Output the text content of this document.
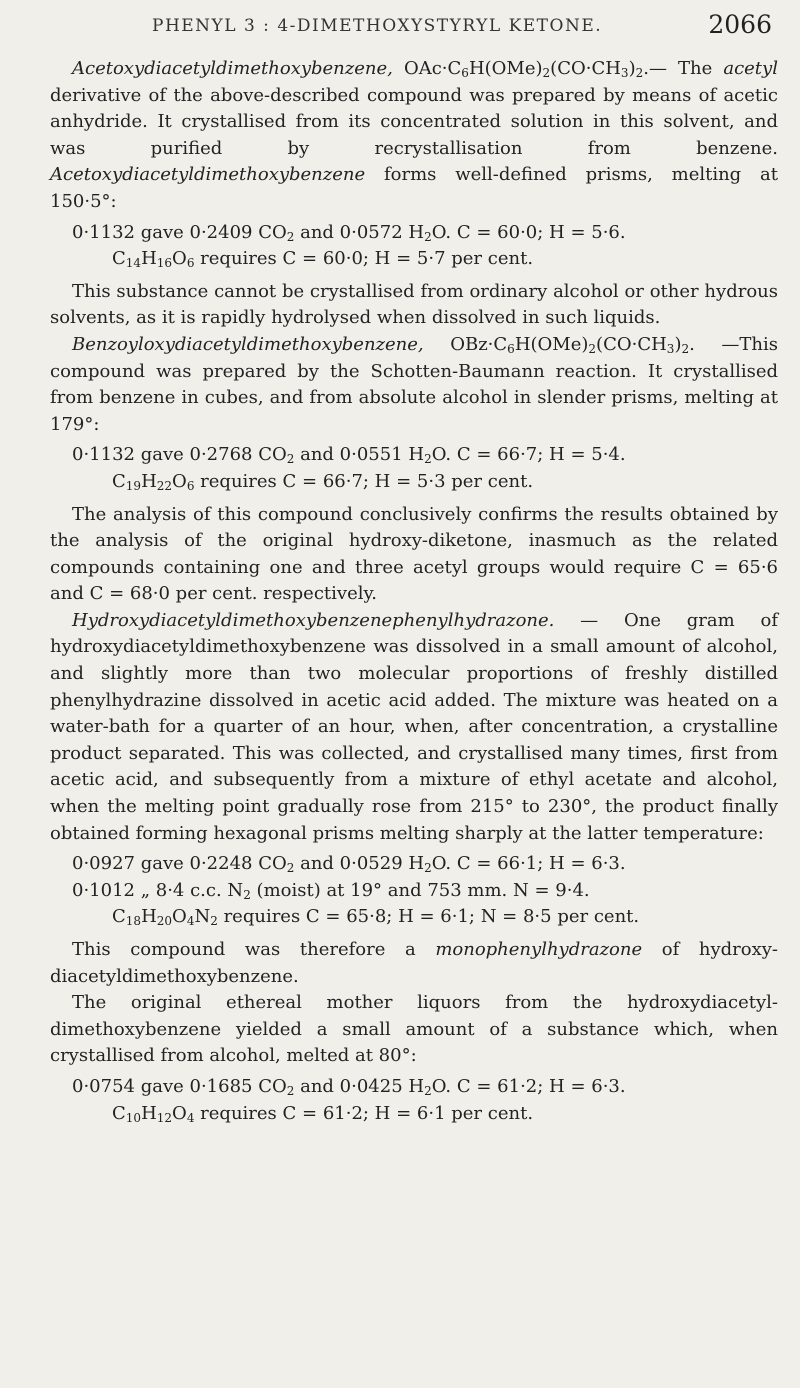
PHENYL 3 : 4-DIMETHOXYSTYRYL KETONE.	2066

Acetoxydiacetyldimethoxybenzene, $OAc\cdot C_6H(OMe)_2(CO\cdot CH_3)_2.—$ The acetyl derivative of the above-described compound was prepared by means of acetic anhydride. It crystallised from its concentrated solution in this solvent, and was purified by recrystallisation from benzene. Acetoxydiacetyldimethoxybenzene forms well-defined prisms, melting at 150·5°:

0·1132 gave 0·2409 $CO_2$ and 0·0572 $H_2O$. C = 60·0; H = 5·6.
$C_{14}H_{16}O_6$ requires C = 60·0; H = 5·7 per cent.

This substance cannot be crystallised from ordinary alcohol or other hydrous solvents, as it is rapidly hydrolysed when dissolved in such liquids.

Benzoyloxydiacetyldimethoxybenzene, $OBz\cdot C_6H(OMe)_2(CO\cdot CH_3)_2$. —This compound was prepared by the Schotten-Baumann reaction. It crystallised from benzene in cubes, and from absolute alcohol in slender prisms, melting at 179°:

0·1132 gave 0·2768 $CO_2$ and 0·0551 $H_2O$. C = 66·7; H = 5·4.
$C_{19}H_{22}O_6$ requires C = 66·7; H = 5·3 per cent.

The analysis of this compound conclusively confirms the results obtained by the analysis of the original hydroxy-diketone, inasmuch as the related compounds containing one and three acetyl groups would require C = 65·6 and C = 68·0 per cent. respectively.

Hydroxydiacetyldimethoxybenzenephenylhydrazone. — One gram of hydroxydiacetyldimethoxybenzene was dissolved in a small amount of alcohol, and slightly more than two molecular proportions of freshly distilled phenylhydrazine dissolved in acetic acid added. The mixture was heated on a water-bath for a quarter of an hour, when, after concentration, a crystalline product separated. This was collected, and crystallised many times, first from acetic acid, and subsequently from a mixture of ethyl acetate and alcohol, when the melting point gradually rose from 215° to 230°, the product finally obtained forming hexagonal prisms melting sharply at the latter temperature:

0·0927 gave 0·2248 $CO_2$ and 0·0529 $H_2O$. C = 66·1; H = 6·3.
0·1012 „ 8·4 c.c. $N_2$ (moist) at 19° and 753 mm. N = 9·4.
$C_{18}H_{20}O_4N_2$ requires C = 65·8; H = 6·1; N = 8·5 per cent.

This compound was therefore a monophenylhydrazone of hydroxy-diacetyldimethoxybenzene.

The original ethereal mother liquors from the hydroxydiacetyl-dimethoxybenzene yielded a small amount of a substance which, when crystallised from alcohol, melted at 80°:

0·0754 gave 0·1685 $CO_2$ and 0·0425 $H_2O$. C = 61·2; H = 6·3.
$C_{10}H_{12}O_4$ requires C = 61·2; H = 6·1 per cent.
